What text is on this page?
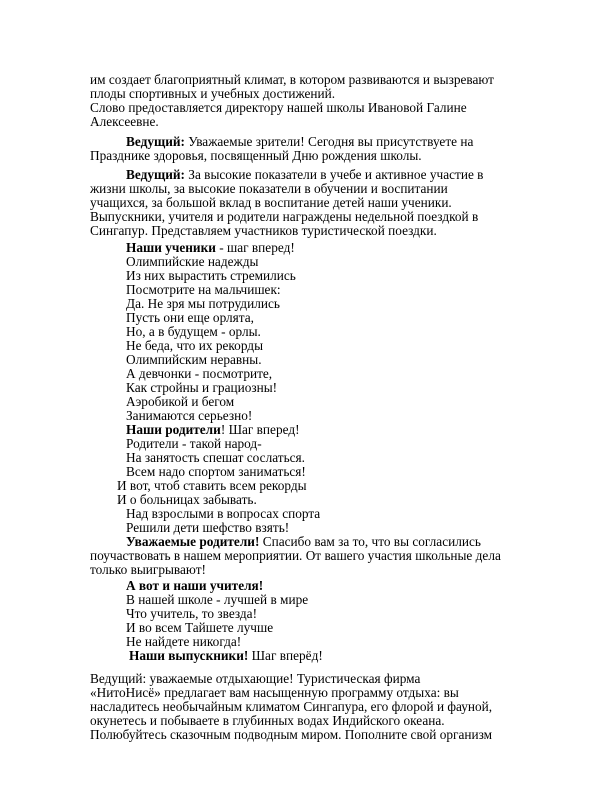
им создает благоприятный климат, в котором развиваются и вызревают
плоды спортивных и учебных достижений.
Слово предоставляется директору нашей школы Ивановой Галине
Алексеевне.
Ведущий: Уважаемые зрители! Сегодня вы присутствуете на
Празднике здоровья, посвященный Дню рождения школы.
Ведущий: За высокие показатели в учебе и активное участие в
жизни школы, за высокие показатели в обучении и воспитании
учащихся, за большой вклад в воспитание детей наши ученики.
Выпускники, учителя и родители награждены недельной поездкой в
Сингапур. Представляем участников туристической поездки.
Наши ученики - шаг вперед!
Олимпийские надежды
Из них вырастить стремились
Посмотрите на мальчишек:
Да. Не зря мы потрудились
Пусть они еще орлята,
Но, а в будущем - орлы.
Не беда, что их рекорды
Олимпийским неравны.
А девчонки - посмотрите,
Как стройны и грациозны!
Аэробикой и бегом
Занимаются серьезно!
Наши родители! Шаг вперед!
Родители - такой народ-
На занятость спешат сослаться.
Всем надо спортом заниматься!
И вот, чтоб ставить всем рекорды
И о больницах забывать.
Над взрослыми в вопросах спорта
Решили дети шефство взять!
Уважаемые родители! Спасибо вам за то, что вы согласились
поучаствовать в нашем мероприятии. От вашего участия школьные дела
только выигрывают!
А вот и наши учителя!
В нашей школе - лучшей в мире
Что учитель, то звезда!
И во всем Тайшете лучше
Не найдете никогда!
Наши выпускники! Шаг вперёд!
Ведущий: уважаемые отдыхающие! Туристическая фирма
«НитоНисё» предлагает вам насыщенную программу отдыха: вы
насладитесь необычайным климатом Сингапура, его флорой и фауной,
окунетесь и побываете в глубинных водах Индийского океана.
Полюбуйтесь сказочным подводным миром. Пополните свой организм
